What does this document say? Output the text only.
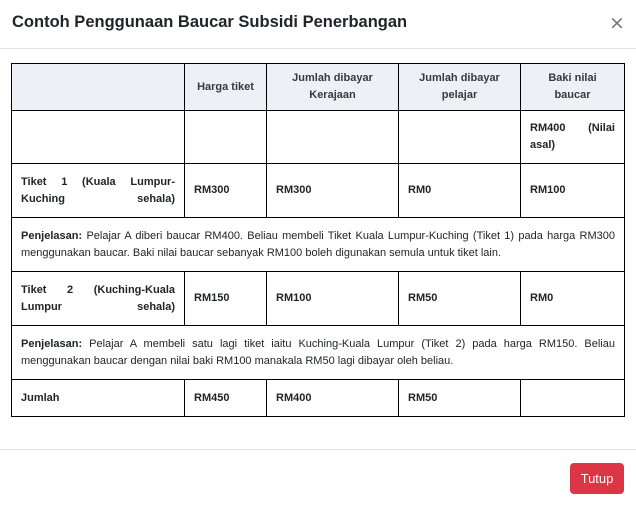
Contoh Penggunaan Baucar Subsidi Penerbangan	×
	Harga tiket	Jumlah dibayar Kerajaan	Jumlah dibayar pelajar	Baki nilai baucar
				RM400 (Nilai asal)
Tiket 1 (Kuala Lumpur-Kuching sehala)	RM300	RM300	RM0	RM100
Penjelasan: Pelajar A diberi baucar RM400. Beliau membeli Tiket Kuala Lumpur-Kuching (Tiket 1) pada harga RM300 menggunakan baucar. Baki nilai baucar sebanyak RM100 boleh digunakan semula untuk tiket lain.				
Tiket 2 (Kuching-Kuala Lumpur sehala)	RM150	RM100	RM50	RM0
Penjelasan: Pelajar A membeli satu lagi tiket iaitu Kuching-Kuala Lumpur (Tiket 2) pada harga RM150. Beliau menggunakan baucar dengan nilai baki RM100 manakala RM50 lagi dibayar oleh beliau.				
Jumlah	RM450	RM400	RM50	
Tutup
